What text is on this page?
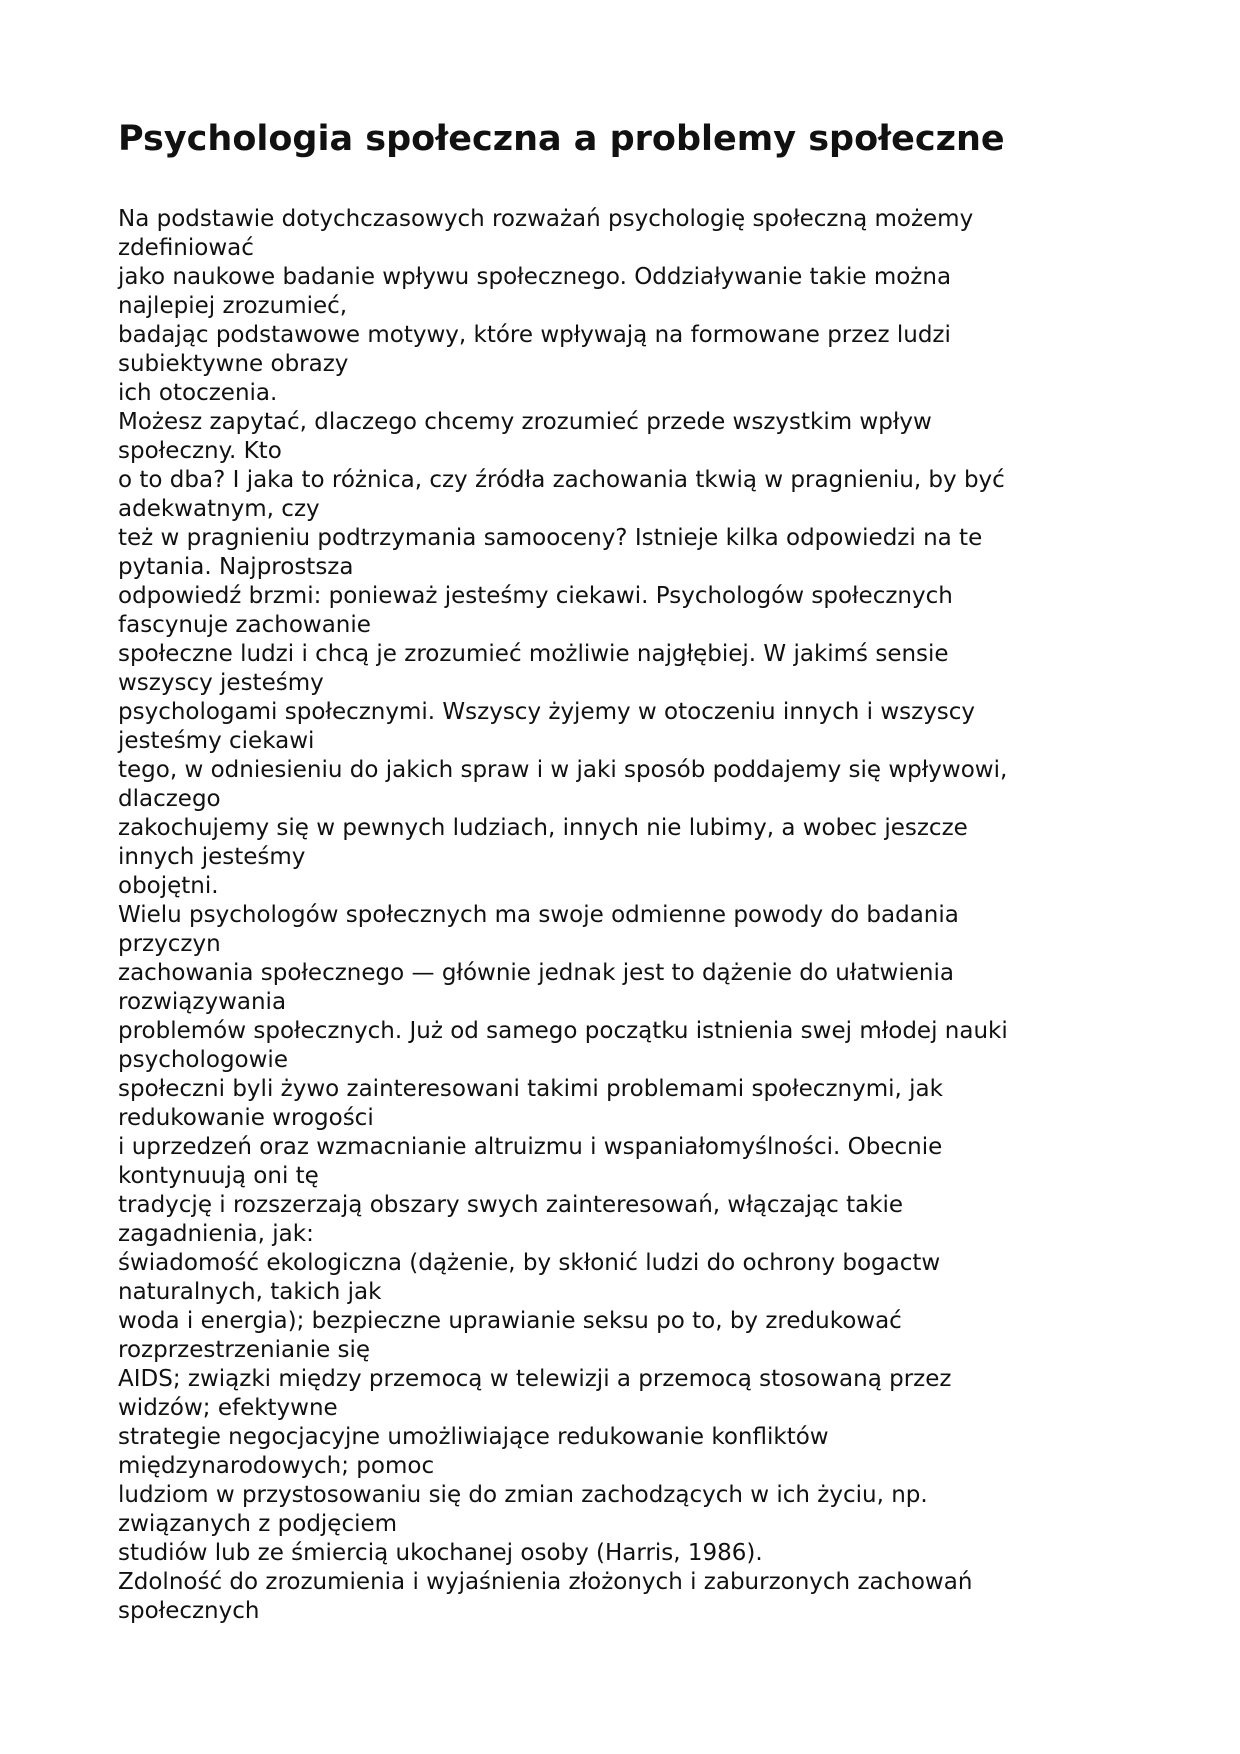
Psychologia społeczna a problemy społeczne
Na podstawie dotychczasowych rozważań psychologię społeczną możemy
zdefiniować
jako naukowe badanie wpływu społecznego. Oddziaływanie takie można
najlepiej zrozumieć,
badając podstawowe motywy, które wpływają na formowane przez ludzi
subiektywne obrazy
ich otoczenia.
Możesz zapytać, dlaczego chcemy zrozumieć przede wszystkim wpływ
społeczny. Kto
o to dba? I jaka to różnica, czy źródła zachowania tkwią w pragnieniu, by być
adekwatnym, czy
też w pragnieniu podtrzymania samooceny? Istnieje kilka odpowiedzi na te
pytania. Najprostsza
odpowiedź brzmi: ponieważ jesteśmy ciekawi. Psychologów społecznych
fascynuje zachowanie
społeczne ludzi i chcą je zrozumieć możliwie najgłębiej. W jakimś sensie
wszyscy jesteśmy
psychologami społecznymi. Wszyscy żyjemy w otoczeniu innych i wszyscy
jesteśmy ciekawi
tego, w odniesieniu do jakich spraw i w jaki sposób poddajemy się wpływowi,
dlaczego
zakochujemy się w pewnych ludziach, innych nie lubimy, a wobec jeszcze
innych jesteśmy
obojętni.
Wielu psychologów społecznych ma swoje odmienne powody do badania
przyczyn
zachowania społecznego — głównie jednak jest to dążenie do ułatwienia
rozwiązywania
problemów społecznych. Już od samego początku istnienia swej młodej nauki
psychologowie
społeczni byli żywo zainteresowani takimi problemami społecznymi, jak
redukowanie wrogości
i uprzedzeń oraz wzmacnianie altruizmu i wspaniałomyślności. Obecnie
kontynuują oni tę
tradycję i rozszerzają obszary swych zainteresowań, włączając takie
zagadnienia, jak:
świadomość ekologiczna (dążenie, by skłonić ludzi do ochrony bogactw
naturalnych, takich jak
woda i energia); bezpieczne uprawianie seksu po to, by zredukować
rozprzestrzenianie się
AIDS; związki między przemocą w telewizji a przemocą stosowaną przez
widzów; efektywne
strategie negocjacyjne umożliwiające redukowanie konfliktów
międzynarodowych; pomoc
ludziom w przystosowaniu się do zmian zachodzących w ich życiu, np.
związanych z podjęciem
studiów lub ze śmiercią ukochanej osoby (Harris, 1986).
Zdolność do zrozumienia i wyjaśnienia złożonych i zaburzonych zachowań
społecznych
